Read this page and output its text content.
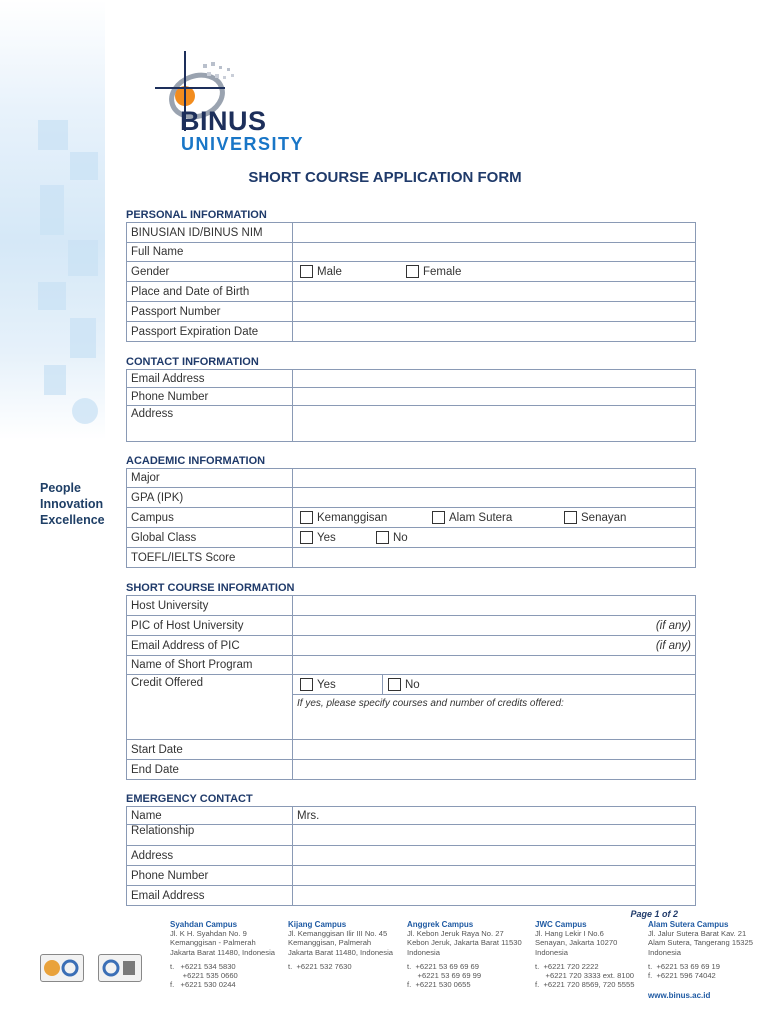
People
Innovation
Excellence
BINUS
UNIVERSITY
SHORT COURSE APPLICATION FORM
PERSONAL INFORMATION
BINUSIAN ID/BINUS NIM	
Full Name	
Gender	Male Female
Place and Date of Birth	
Passport Number	
Passport Expiration Date	
CONTACT INFORMATION
Email Address	
Phone Number	
Address	
ACADEMIC INFORMATION
Major	
GPA (IPK)	
Campus	Kemanggisan Alam Sutera Senayan
Global Class	Yes No
TOEFL/IELTS Score	
SHORT COURSE INFORMATION
Host University	
PIC of Host University	(if any)

Email Address of PIC	(if any)

Name of Short Program	
Credit Offered	Yes No
If yes, please specify courses and number of credits offered:

Start Date	
End Date	
EMERGENCY CONTACT
Name	Mrs.
Relationship	
Address	
Phone Number	
Email Address	
Page 1 of 2
Syahdan Campus
Jl. K H. Syahdan No. 9
Kemanggisan - Palmerah
Jakarta Barat 11480, Indonesia
t.   +6221 534 5830
+6221 535 0660
f.   +6221 530 0244
Kijang Campus
Jl. Kemanggisan Ilir III No. 45
Kemanggisan, Palmerah
Jakarta Barat 11480, Indonesia
t.  +6221 532 7630
Anggrek Campus
Jl. Kebon Jeruk Raya No. 27
Kebon Jeruk, Jakarta Barat 11530
Indonesia
t.  +6221 53 69 69 69
+6221 53 69 69 99
f.  +6221 530 0655
JWC Campus
Jl. Hang Lekir I No.6
Senayan, Jakarta 10270
Indonesia
t.  +6221 720 2222
+6221 720 3333 ext. 8100
f.  +6221 720 8569, 720 5555
Alam Sutera Campus
Jl. Jalur Sutera Barat Kav. 21
Alam Sutera, Tangerang 15325
Indonesia
t.  +6221 53 69 69 19
f.  +6221 596 74042
www.binus.ac.id
